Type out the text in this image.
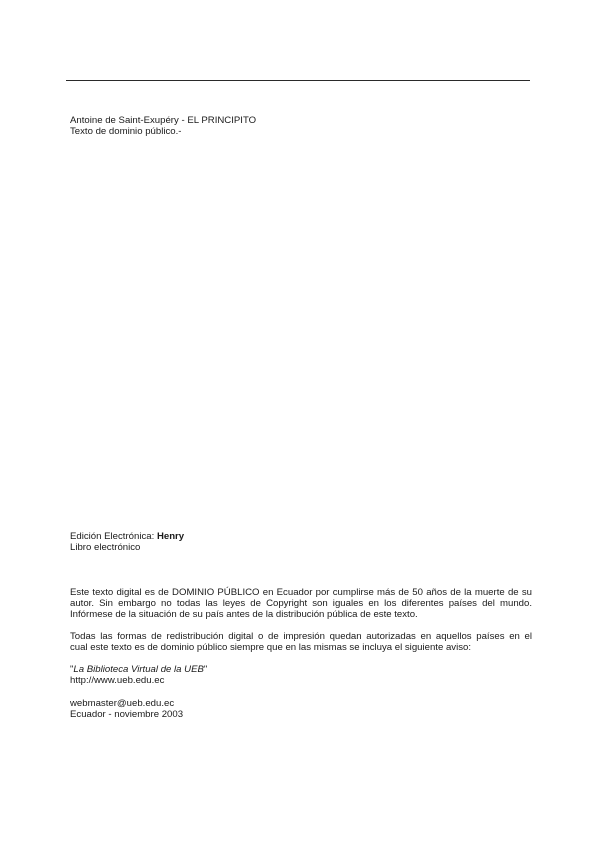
Antoine de Saint-Exupéry - EL PRINCIPITO
Texto de dominio público.-
Edición Electrónica: Henry
Libro electrónico
Este texto digital es de DOMINIO PÚBLICO en Ecuador por cumplirse más de 50 años de la muerte de su
autor. Sin embargo no todas las leyes de Copyright son iguales en los diferentes países del mundo.
Infórmese de la situación de su país antes de la distribución pública de este texto.
Todas las formas de redistribución digital o de impresión quedan autorizadas en aquellos países en el
cual este texto es de dominio público siempre que en las mismas se incluya el siguiente aviso:
"La Biblioteca Virtual de la UEB"
http://www.ueb.edu.ec
webmaster@ueb.edu.ec
Ecuador - noviembre 2003
